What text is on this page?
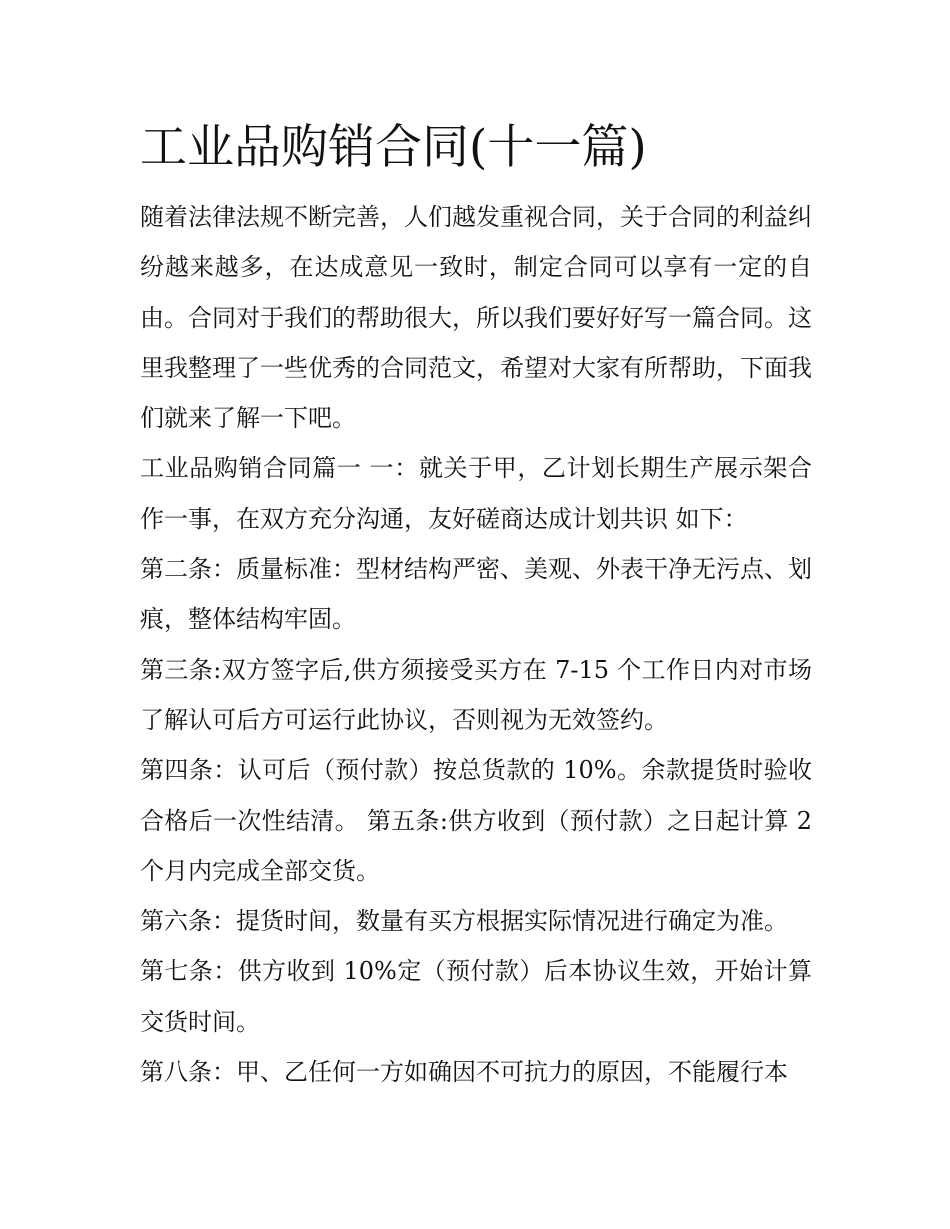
工业品购销合同(十一篇)

随着法律法规不断完善，人们越发重视合同，关于合同的利益纠纷越来越多，在达成意见一致时，制定合同可以享有一定的自由。合同对于我们的帮助很大，所以我们要好好写一篇合同。这里我整理了一些优秀的合同范文，希望对大家有所帮助，下面我们就来了解一下吧。

工业品购销合同篇一 一：就关于甲，乙计划长期生产展示架合作一事，在双方充分沟通，友好磋商达成计划共识 如下：

第二条：质量标准：型材结构严密、美观、外表干净无污点、划痕，整体结构牢固。

第三条:双方签字后,供方须接受买方在 7-15 个工作日内对市场了解认可后方可运行此协议，否则视为无效签约。

第四条：认可后（预付款）按总货款的 10%。余款提货时验收合格后一次性结清。 第五条:供方收到（预付款）之日起计算 2 个月内完成全部交货。

第六条：提货时间，数量有买方根据实际情况进行确定为准。

第七条：供方收到 10%定（预付款）后本协议生效，开始计算交货时间。

第八条：甲、乙任何一方如确因不可抗力的原因，不能履行本
